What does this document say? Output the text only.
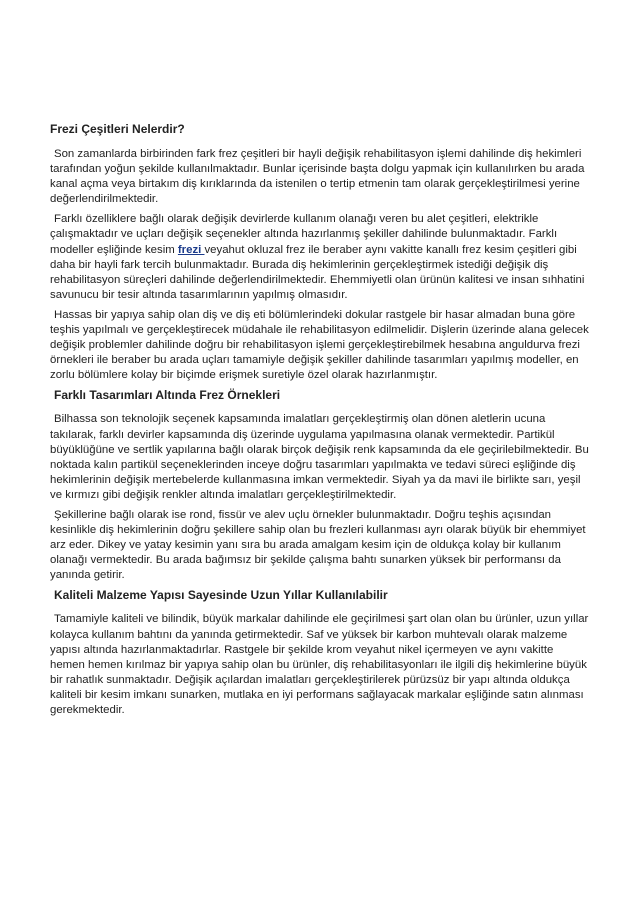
Frezi Çeşitleri Nelerdir?

Son zamanlarda birbirinden fark frez çeşitleri bir hayli değişik rehabilitasyon işlemi dahilinde diş hekimleri tarafından yoğun şekilde kullanılmaktadır. Bunlar içerisinde başta dolgu yapmak için kullanılırken bu arada kanal açma veya birtakım diş kırıklarında da istenilen o tertip etmenin tam olarak gerçekleştirilmesi yerine değerlendirilmektedir.

Farklı özelliklere bağlı olarak değişik devirlerde kullanım olanağı veren bu alet çeşitleri, elektrikle çalışmaktadır ve uçları değişik seçenekler altında hazırlanmış şekiller dahilinde bulunmaktadır. Farklı modeller eşliğinde kesim frezi veyahut okluzal frez ile beraber aynı vakitte kanallı frez kesim çeşitleri gibi daha bir hayli fark tercih bulunmaktadır. Burada diş hekimlerinin gerçekleştirmek istediği değişik diş rehabilitasyon süreçleri dahilinde değerlendirilmektedir. Ehemmiyetli olan ürünün kalitesi ve insan sıhhatini savunucu bir tesir altında tasarımlarının yapılmış olmasıdır.

Hassas bir yapıya sahip olan diş ve diş eti bölümlerindeki dokular rastgele bir hasar almadan buna göre teşhis yapılmalı ve gerçekleştirecek müdahale ile rehabilitasyon edilmelidir. Dişlerin üzerinde alana gelecek değişik problemler dahilinde doğru bir rehabilitasyon işlemi gerçekleştirebilmek hesabına anguldurva frezi örnekleri ile beraber bu arada uçları tamamiyle değişik şekiller dahilinde tasarımları yapılmış modeller, en zorlu bölümlere kolay bir biçimde erişmek suretiyle özel olarak hazırlanmıştır.

Farklı Tasarımları Altında Frez Örnekleri

Bilhassa son teknolojik seçenek kapsamında imalatları gerçekleştirmiş olan dönen aletlerin ucuna takılarak, farklı devirler kapsamında diş üzerinde uygulama yapılmasına olanak vermektedir. Partikül büyüklüğüne ve sertlik yapılarına bağlı olarak birçok değişik renk kapsamında da ele geçirilebilmektedir. Bu noktada kalın partikül seçeneklerinden inceye doğru tasarımları yapılmakta ve tedavi süreci eşliğinde diş hekimlerinin değişik mertebelerde kullanmasına imkan vermektedir. Siyah ya da mavi ile birlikte sarı, yeşil ve kırmızı gibi değişik renkler altında imalatları gerçekleştirilmektedir.

Şekillerine bağlı olarak ise rond, fissür ve alev uçlu örnekler bulunmaktadır. Doğru teşhis açısından kesinlikle diş hekimlerinin doğru şekillere sahip olan bu frezleri kullanması ayrı olarak büyük bir ehemmiyet arz eder. Dikey ve yatay kesimin yanı sıra bu arada amalgam kesim için de oldukça kolay bir kullanım olanağı vermektedir. Bu arada bağımsız bir şekilde çalışma bahtı sunarken yüksek bir performansı da yanında getirir.

Kaliteli Malzeme Yapısı Sayesinde Uzun Yıllar Kullanılabilir

Tamamiyle kaliteli ve bilindik, büyük markalar dahilinde ele geçirilmesi şart olan olan bu ürünler, uzun yıllar kolayca kullanım bahtını da yanında getirmektedir. Saf ve yüksek bir karbon muhtevalı olarak malzeme yapısı altında hazırlanmaktadırlar. Rastgele bir şekilde krom veyahut nikel içermeyen ve aynı vakitte hemen hemen kırılmaz bir yapıya sahip olan bu ürünler, diş rehabilitasyonları ile ilgili diş hekimlerine büyük bir rahatlık sunmaktadır. Değişik açılardan imalatları gerçekleştirilerek pürüzsüz bir yapı altında oldukça kaliteli bir kesim imkanı sunarken, mutlaka en iyi performans sağlayacak markalar eşliğinde satın alınması gerekmektedir.
